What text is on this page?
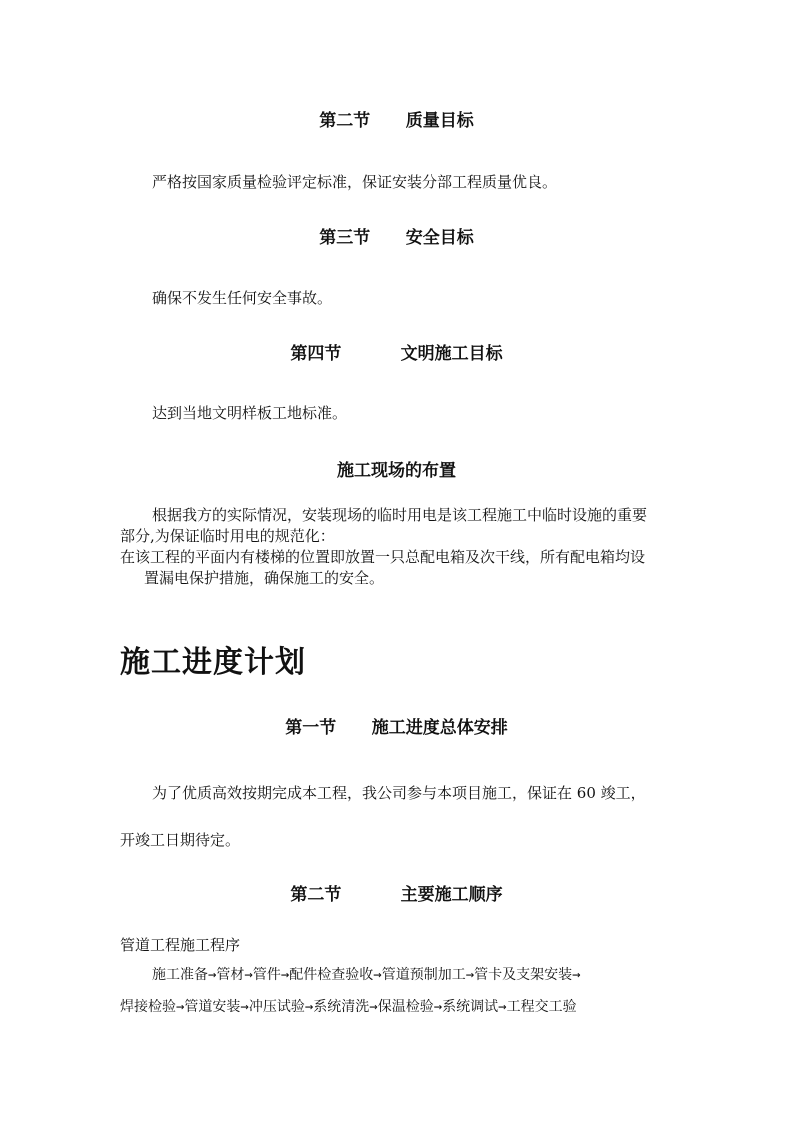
第二节      质量目标
严格按国家质量检验评定标准，保证安装分部工程质量优良。
第三节      安全目标
确保不发生任何安全事故。
第四节          文明施工目标
达到当地文明样板工地标准。
施工现场的布置
根据我方的实际情况，安装现场的临时用电是该工程施工中临时设施的重要
部分,为保证临时用电的规范化：
在该工程的平面内有楼梯的位置即放置一只总配电箱及次干线，所有配电箱均设
置漏电保护措施，确保施工的安全。
施工进度计划
第一节      施工进度总体安排
为了优质高效按期完成本工程，我公司参与本项目施工，保证在 60 竣工，
开竣工日期待定。
第二节          主要施工顺序
管道工程施工程序
施工准备→管材→管件→配件检查验收→管道预制加工→管卡及支架安装→
焊接检验→管道安装→冲压试验→系统清洗→保温检验→系统调试→工程交工验
